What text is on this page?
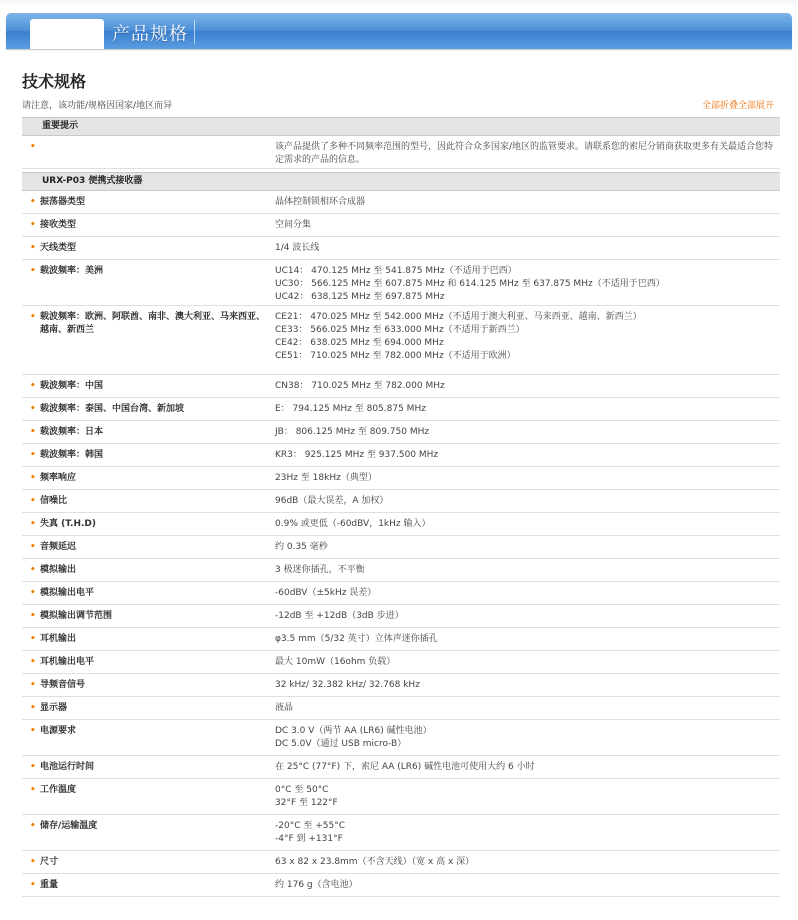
产品规格
技术规格
请注意，该功能/规格因国家/地区而异	全部折叠全部展开
重要提示
•	该产品提供了多种不同频率范围的型号，因此符合众多国家/地区的监管要求。请联系您的索尼分销商获取更多有关最适合您特定需求的产品的信息。
URX-P03 便携式接收器
• 振荡器类型	晶体控制锁相环合成器
• 接收类型	空间分集
• 天线类型	1/4 波长线
• 载波频率：美洲	UC14： 470.125 MHz 至 541.875 MHz（不适用于巴西）
UC30： 566.125 MHz 至 607.875 MHz 和 614.125 MHz 至 637.875 MHz（不适用于巴西）
UC42： 638.125 MHz 至 697.875 MHz
• 载波频率：欧洲、阿联酋、南非、澳大利亚、马来西亚、越南、新西兰
CE21： 470.025 MHz 至 542.000 MHz（不适用于澳大利亚、马来西亚、越南、新西兰）
CE33： 566.025 MHz 至 633.000 MHz（不适用于新西兰）
CE42： 638.025 MHz 至 694.000 MHz
CE51： 710.025 MHz 至 782.000 MHz（不适用于欧洲）
• 载波频率：中国	CN38： 710.025 MHz 至 782.000 MHz
• 载波频率：泰国、中国台湾、新加坡	E： 794.125 MHz 至 805.875 MHz
• 载波频率：日本	JB： 806.125 MHz 至 809.750 MHz
• 载波频率：韩国	KR3： 925.125 MHz 至 937.500 MHz
• 频率响应	23Hz 至 18kHz（典型）
• 信噪比	96dB（最大误差，A 加权）
• 失真 (T.H.D)	0.9% 或更低（-60dBV，1kHz 输入）
• 音频延迟	约 0.35 毫秒
• 模拟输出	3 极迷你插孔，不平衡
• 模拟输出电平	-60dBV（±5kHz 误差）
• 模拟输出调节范围	-12dB 至 +12dB（3dB 步进）
• 耳机输出	φ3.5 mm（5/32 英寸）立体声迷你插孔
• 耳机输出电平	最大 10mW（16ohm 负载）
• 导频音信号	32 kHz/ 32.382 kHz/ 32.768 kHz
• 显示器	液晶
• 电源要求	DC 3.0 V（两节 AA (LR6) 碱性电池）
DC 5.0V（通过 USB micro-B）
• 电池运行时间	在 25°C (77°F) 下，索尼 AA (LR6) 碱性电池可使用大约 6 小时
• 工作温度	0°C 至 50°C
32°F 至 122°F
• 储存/运输温度	-20°C 至 +55°C
-4°F 到 +131°F
• 尺寸	63 x 82 x 23.8mm（不含天线）（宽 x 高 x 深）
• 重量	约 176 g（含电池）
